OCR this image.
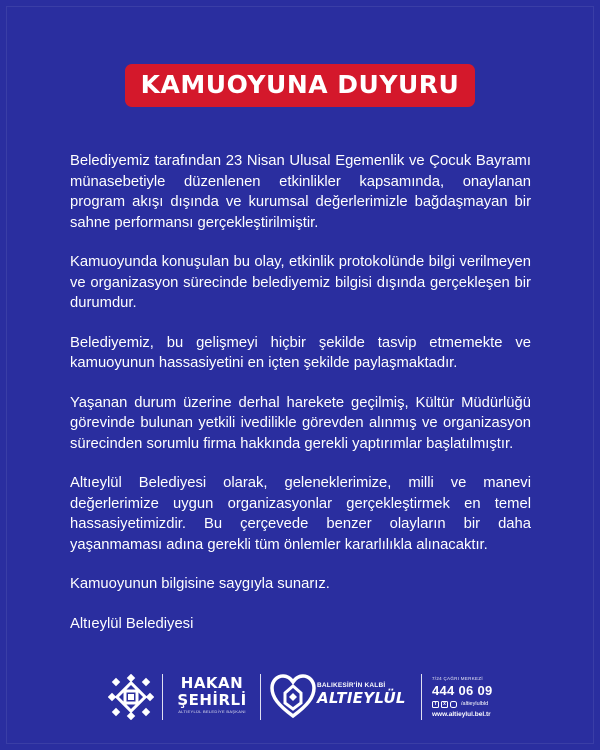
KAMUOYUNA DUYURU

Belediyemiz tarafından 23 Nisan Ulusal Egemenlik ve Çocuk Bayramı münasebetiyle düzenlenen etkinlikler kapsamında, onaylanan program akışı dışında ve kurumsal değerlerimizle bağdaşmayan bir sahne performansı gerçekleştirilmiştir.

Kamuoyunda konuşulan bu olay, etkinlik protokolünde bilgi verilmeyen ve organizasyon sürecinde belediyemiz bilgisi dışında gerçekleşen bir durumdur.

Belediyemiz, bu gelişmeyi hiçbir şekilde tasvip etmemekte ve kamuoyunun hassasiyetini en içten şekilde paylaşmaktadır.

Yaşanan durum üzerine derhal harekete geçilmiş, Kültür Müdürlüğü görevinde bulunan yetkili ivedilikle görevden alınmış ve organizasyon sürecinden sorumlu firma hakkında gerekli yaptırımlar başlatılmıştır.

Altıeylül Belediyesi olarak, geleneklerimize, milli ve manevi değerlerimize uygun organizasyonlar gerçekleştirmek en temel hassasiyetimizdir. Bu çerçevede benzer olayların bir daha yaşanmaması adına gerekli tüm önlemler kararlılıkla alınacaktır.

Kamuoyunun bilgisine saygıyla sunarız.

Altıeylül Belediyesi

HAKAN
ŞEHİRLİ
ALTIEYLÜL BELEDİYE BAŞKANI
BALIKESİR'İN KALBİ
ALTIEYLÜL
7/24 ÇAĞRI MERKEZİ
444 06 09
f	x	/altieylulbld
www.altieylul.bel.tr
